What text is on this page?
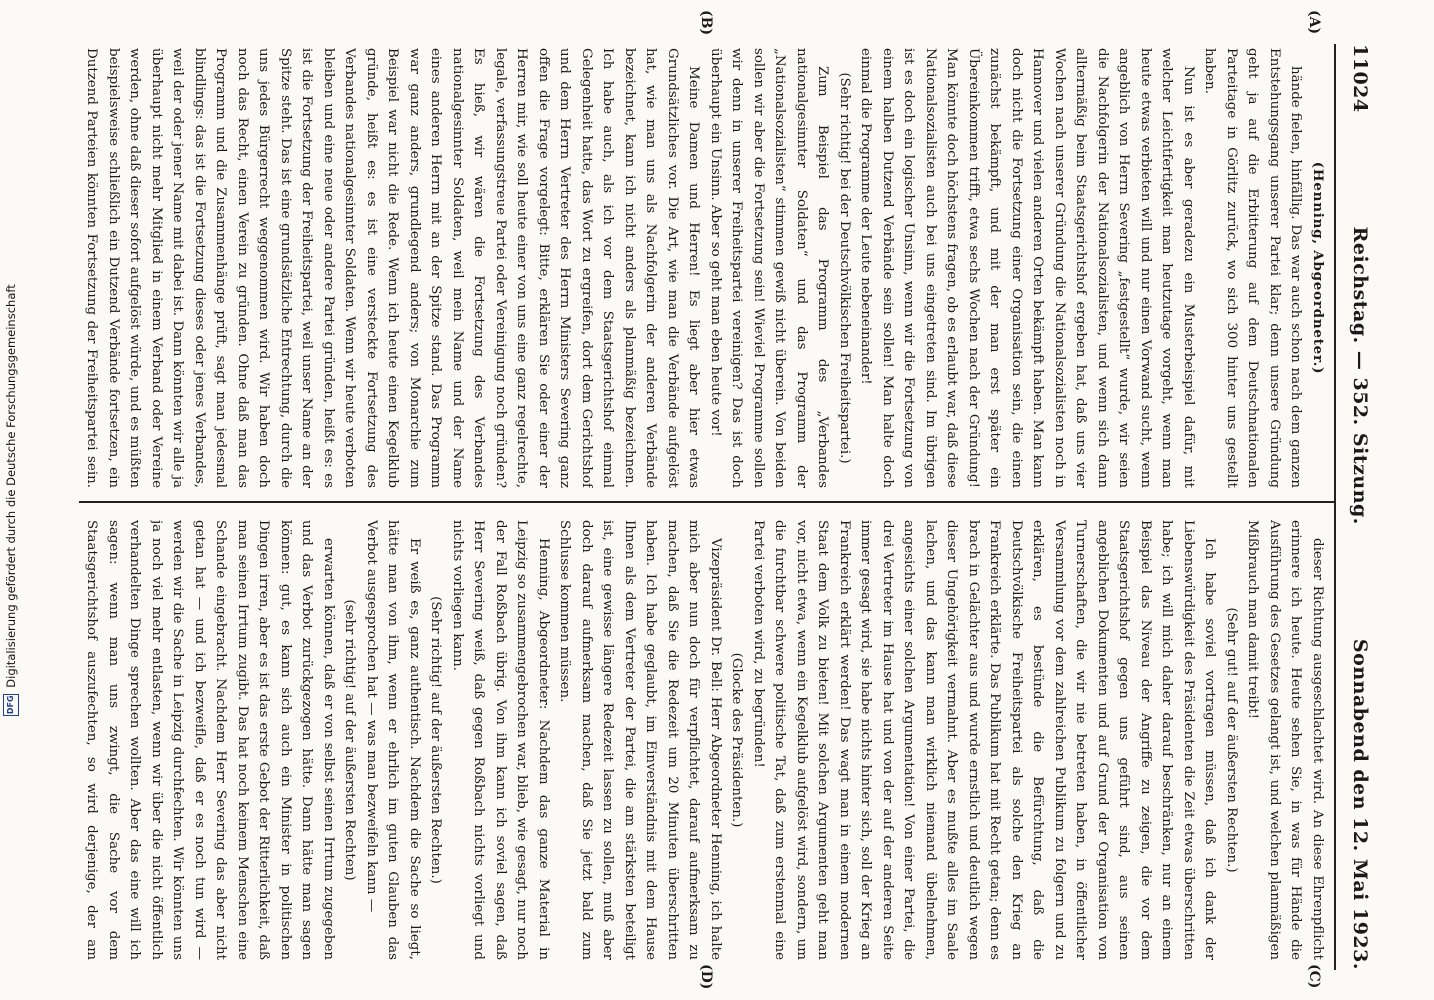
11024
Reichstag. — 352. Sitzung.
Sonnabend den 12. Mai 1923.
(A)
(B)
(C)
(D)

(Henning, Abgeordneter.)

hände fielen, hinfällig. Das war auch schon nach dem ganzen Entstehungsgang unserer Partei klar; denn unsere Gründung geht ja auf die Erbitterung auf dem Deutschnationalen Parteitage in Görlitz zurück, wo sich 300 hinter uns gestellt haben.

Nun ist es aber geradezu ein Musterbeispiel dafür, mit welcher Leichtfertigkeit man heutzutage vorgeht, wenn man heute etwas verbieten will und nur einen Vorwand sucht, wenn angeblich von Herrn Severing „festgestellt“ wurde, wir seien die Nachfolgerin der Nationalsozialisten, und wenn sich dann alltermäßig beim Staatsgerichtshof ergeben hat, daß uns vier Wochen nach unserer Gründung die Nationalsozialisten noch in Hannover und vielen anderen Orten bekämpft haben. Man kann doch nicht die Fortsetzung einer Organisation sein, die einen zunächst bekämpft, und mit der man erst später ein Übereinkommen trifft, etwa sechs Wochen nach der Gründung! Man könnte doch höchstens fragen, ob es erlaubt war, daß diese Nationalsozialisten auch bei uns eingetreten sind. Im übrigen ist es doch ein logischer Unsinn, wenn wir die Fortsetzung von einem halben Dutzend Verbände sein sollen! Man halte doch einmal die Programme der Leute nebeneinander!

(Sehr richtig! bei der Deutschvölkischen Freiheitspartei.)

Zum Beispiel das Programm des „Verbandes nationalgesinnter Soldaten“ und das Programm der „Nationalsozialisten“ stimmen gewiß nicht überein. Von beiden sollen wir aber die Fortsetzung sein! Wieviel Programme sollen wir denn in unserer Freiheitspartei vereinigen? Das ist doch überhaupt ein Unsinn. Aber so geht man eben heute vor!

Meine Damen und Herren! Es liegt aber hier etwas Grundsätzliches vor. Die Art, wie man die Verbände aufgelöst hat, wie man uns als Nachfolgerin der anderen Verbände bezeichnet, kann ich nicht anders als planmäßig bezeichnen. Ich habe auch, als ich vor dem Staatsgerichtshof einmal Gelegenheit hatte, das Wort zu ergreifen, dort dem Gerichtshof und dem Herrn Vertreter des Herrn Ministers Severing ganz offen die Frage vorgelegt: Bitte, erklären Sie oder einer der Herren mir, wie soll heute einer von uns eine ganz regelrechte, legale, verfassungstreue Partei oder Vereinigung noch gründen? Es hieß, wir wären die Fortsetzung des Verbandes nationalgesinnter Soldaten, weil mein Name und der Name eines anderen Herrn mit an der Spitze stand. Das Programm war ganz anders, grundlegend anders; von Monarchie zum Beispiel war nicht die Rede. Wenn ich heute einen Kegelklub gründe, heißt es: es ist eine versteckte Fortsetzung des Verbandes nationalgesinnter Soldaten. Wenn wir heute verboten bleiben und eine neue oder andere Partei gründen, heißt es: es ist die Fortsetzung der Freiheitspartei, weil unser Name an der Spitze steht. Das ist eine grundsätzliche Entrechtung, durch die uns jedes Bürgerrecht weggenommen wird. Wir haben doch noch das Recht, einen Verein zu gründen. Ohne daß man das Programm und die Zusammenhänge prüft, sagt man jedesmal blindlings: das ist die Fortsetzung dieses oder jenes Verbandes, weil der oder jener Name mit dabei ist. Dann könnten wir alle ja überhaupt nicht mehr Mitglied in einem Verband oder Vereine werden, ohne daß dieser sofort aufgelöst würde, und es müßten beispielsweise schließlich ein Dutzend Verbände fortsetzen, ein Dutzend Parteien könnten Fortsetzung der Freiheitspartei sein.

dieser Richtung ausgeschlachtet wird. An diese Ehrenpflicht erinnere ich heute. Heute sehen Sie, in was für Hände die Ausführung des Gesetzes gelangt ist, und welchen planmäßigen Mißbrauch man damit treibt!

(Sehr gut! auf der äußersten Rechten.)

Ich habe soviel vortragen müssen, daß ich dank der Liebenswürdigkeit des Präsidenten die Zeit etwas überschritten habe; ich will mich daher darauf beschränken, nur an einem Beispiel das Niveau der Angriffe zu zeigen, die vor dem Staatsgerichtshof gegen uns geführt sind, aus seinen angeblichen Dokumenten und auf Grund der Organisation von Turnerschaften, die wir nie betreten haben, in öffentlicher Versammlung vor dem zahlreichen Publikum zu folgern und zu erklären, es bestünde die Befürchtung, daß die Deutschvölkische Freiheitspartei als solche den Krieg an Frankreich erklärte. Das Publikum hat mit Recht getan; denn es brach in Gelächter aus und wurde ernstlich und deutlich wegen dieser Ungehörigkeit vermahnt. Aber es mußte alles im Saale lachen, und das kann man wirklich niemand übelnehmen, angesichts einer solchen Argumentation! Von einer Partei, die drei Vertreter im Hause hat und von der auf der anderen Seite immer gesagt wird, sie habe nichts hinter sich, soll der Krieg an Frankreich erklärt werden! Das wagt man in einem modernen Staat dem Volk zu bieten! Mit solchen Argumenten geht man vor, nicht etwa, wenn ein Kegelklub aufgelöst wird, sondern, um die furchtbar schwere politische Tat, daß zum erstenmal eine Partei verboten wird, zu begründen!

(Glocke des Präsidenten.)

Vizepräsident Dr. Bell: Herr Abgeordneter Henning, ich halte mich aber nun doch für verpflichtet, darauf aufmerksam zu machen, daß Sie die Redezeit um 20 Minuten überschritten haben. Ich habe geglaubt, im Einverständnis mit dem Hause Ihnen als dem Vertreter der Partei, die am stärksten beteiligt ist, eine gewisse längere Redezeit lassen zu sollen, muß aber doch darauf aufmerksam machen, daß Sie jetzt bald zum Schlusse kommen müssen.

Henning, Abgeordneter: Nachdem das ganze Material in Leipzig so zusammengebrochen war, blieb, wie gesagt, nur noch der Fall Roßbach übrig. Von ihm kann ich soviel sagen, daß Herr Severing weiß, daß gegen Roßbach nichts vorliegt und nichts vorliegen kann.

(Sehr richtig! auf der äußersten Rechten.)

Er weiß es, ganz authentisch. Nachdem die Sache so liegt, hätte man von ihm, wenn er ehrlich im guten Glauben das Verbot ausgesprochen hat — was man bezweifeln kann —

(sehr richtig! auf der äußersten Rechten)

erwarten können, daß er von selbst seinen Irrtum zugegeben und das Verbot zurückgezogen hätte. Dann hätte man sagen können: gut, es kann sich auch ein Minister in politischen Dingen irren, aber es ist das erste Gebot der Ritterlichkeit, daß man seinen Irrtum zugibt. Das hat noch keinem Menschen eine Schande eingebracht. Nachdem Herr Severing das aber nicht getan hat — und ich bezweifle, daß er es noch tun wird — werden wir die Sache in Leipzig durchfechten. Wir könnten uns ja noch viel mehr entlasten, wenn wir über die nicht öffentlich verhandelten Dinge sprechen wollten. Aber das eine will ich sagen: wenn man uns zwingt, die Sache vor dem Staatsgerichtshof auszufechten, so wird derjenige, der am

DFG
Digitalisierung gefördert durch die Deutsche Forschungsgemeinschaft
